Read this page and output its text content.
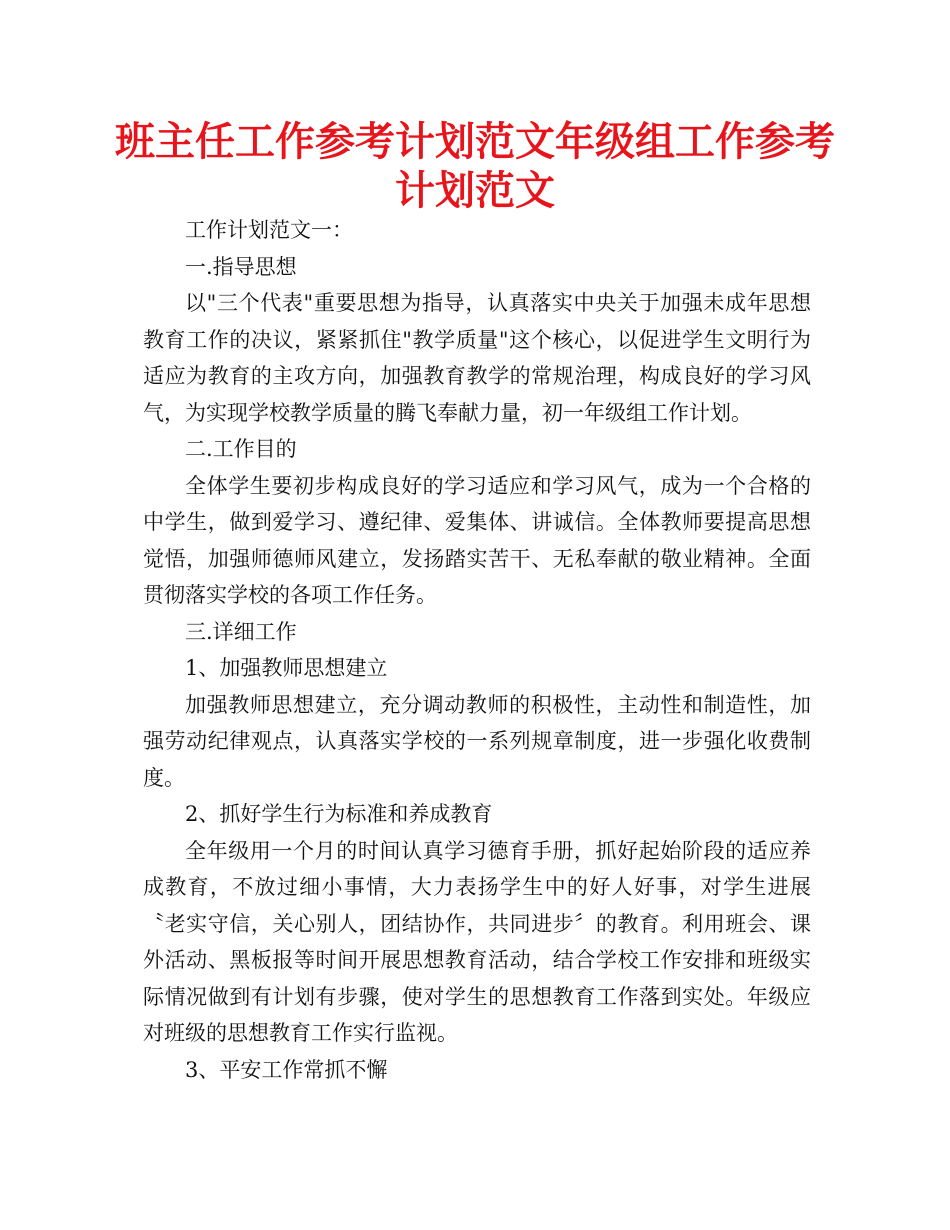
班主任工作参考计划范文年级组工作参考计划范文

工作计划范文一：

一.指导思想

以"三个代表"重要思想为指导，认真落实中央关于加强未成年思想教育工作的决议，紧紧抓住"教学质量"这个核心，以促进学生文明行为适应为教育的主攻方向，加强教育教学的常规治理，构成良好的学习风气，为实现学校教学质量的腾飞奉献力量，初一年级组工作计划。

二.工作目的

全体学生要初步构成良好的学习适应和学习风气，成为一个合格的中学生，做到爱学习、遵纪律、爱集体、讲诚信。全体教师要提高思想觉悟，加强师德师风建立，发扬踏实苦干、无私奉献的敬业精神。全面贯彻落实学校的各项工作任务。

三.详细工作

1、加强教师思想建立

加强教师思想建立，充分调动教师的积极性，主动性和制造性，加强劳动纪律观点，认真落实学校的一系列规章制度，进一步强化收费制度。

2、抓好学生行为标准和养成教育

全年级用一个月的时间认真学习德育手册，抓好起始阶段的适应养成教育，不放过细小事情，大力表扬学生中的好人好事，对学生进展〝老实守信，关心别人，团结协作，共同进步〞的教育。利用班会、课外活动、黑板报等时间开展思想教育活动，结合学校工作安排和班级实际情况做到有计划有步骤，使对学生的思想教育工作落到实处。年级应对班级的思想教育工作实行监视。

3、平安工作常抓不懈
